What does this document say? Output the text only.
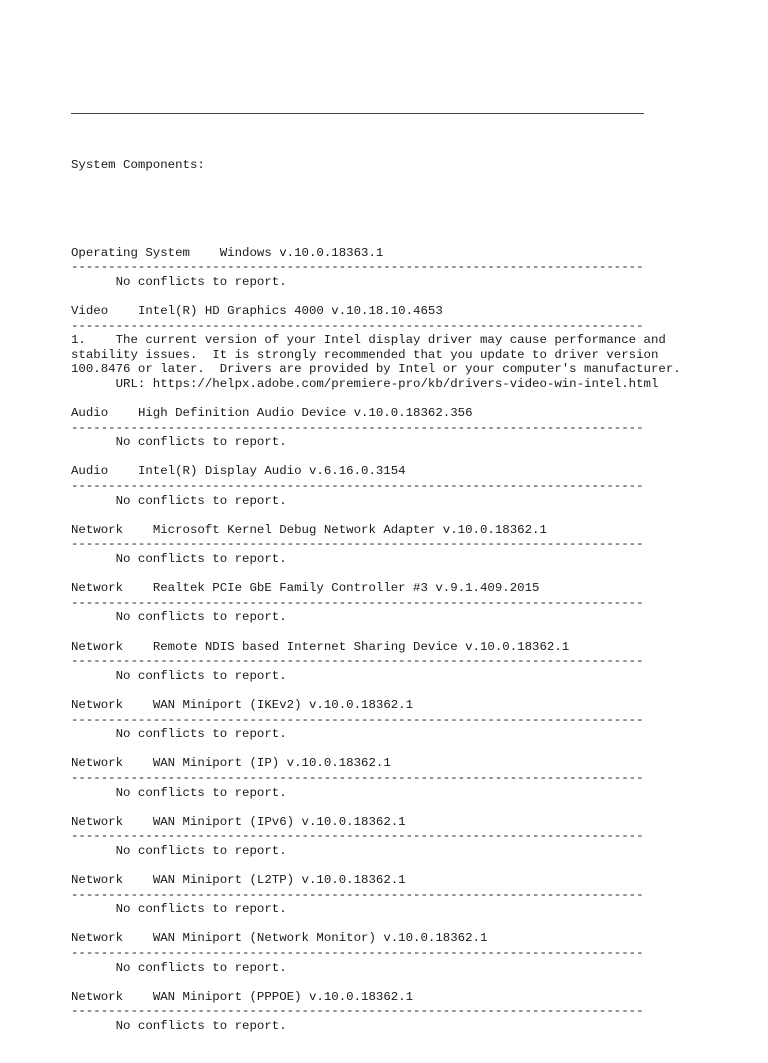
System Components:

Operating System Windows v.10.0.18363.1
-----------------------------------------------------------------------------
No conflicts to report.
Video Intel(R) HD Graphics 4000 v.10.18.10.4653
-----------------------------------------------------------------------------
1.    The current version of your Intel display driver may cause performance and
stability issues.  It is strongly recommended that you update to driver version
100.8476 or later.  Drivers are provided by Intel or your computer's manufacturer.
URL: https://helpx.adobe.com/premiere-pro/kb/drivers-video-win-intel.html
Audio High Definition Audio Device v.10.0.18362.356
-----------------------------------------------------------------------------
No conflicts to report.
Audio Intel(R) Display Audio v.6.16.0.3154
-----------------------------------------------------------------------------
No conflicts to report.
Network Microsoft Kernel Debug Network Adapter v.10.0.18362.1
-----------------------------------------------------------------------------
No conflicts to report.
Network Realtek PCIe GbE Family Controller #3 v.9.1.409.2015
-----------------------------------------------------------------------------
No conflicts to report.
Network Remote NDIS based Internet Sharing Device v.10.0.18362.1
-----------------------------------------------------------------------------
No conflicts to report.
Network WAN Miniport (IKEv2) v.10.0.18362.1
-----------------------------------------------------------------------------
No conflicts to report.
Network WAN Miniport (IP) v.10.0.18362.1
-----------------------------------------------------------------------------
No conflicts to report.
Network WAN Miniport (IPv6) v.10.0.18362.1
-----------------------------------------------------------------------------
No conflicts to report.
Network WAN Miniport (L2TP) v.10.0.18362.1
-----------------------------------------------------------------------------
No conflicts to report.
Network WAN Miniport (Network Monitor) v.10.0.18362.1
-----------------------------------------------------------------------------
No conflicts to report.
Network WAN Miniport (PPPOE) v.10.0.18362.1
-----------------------------------------------------------------------------
No conflicts to report.
